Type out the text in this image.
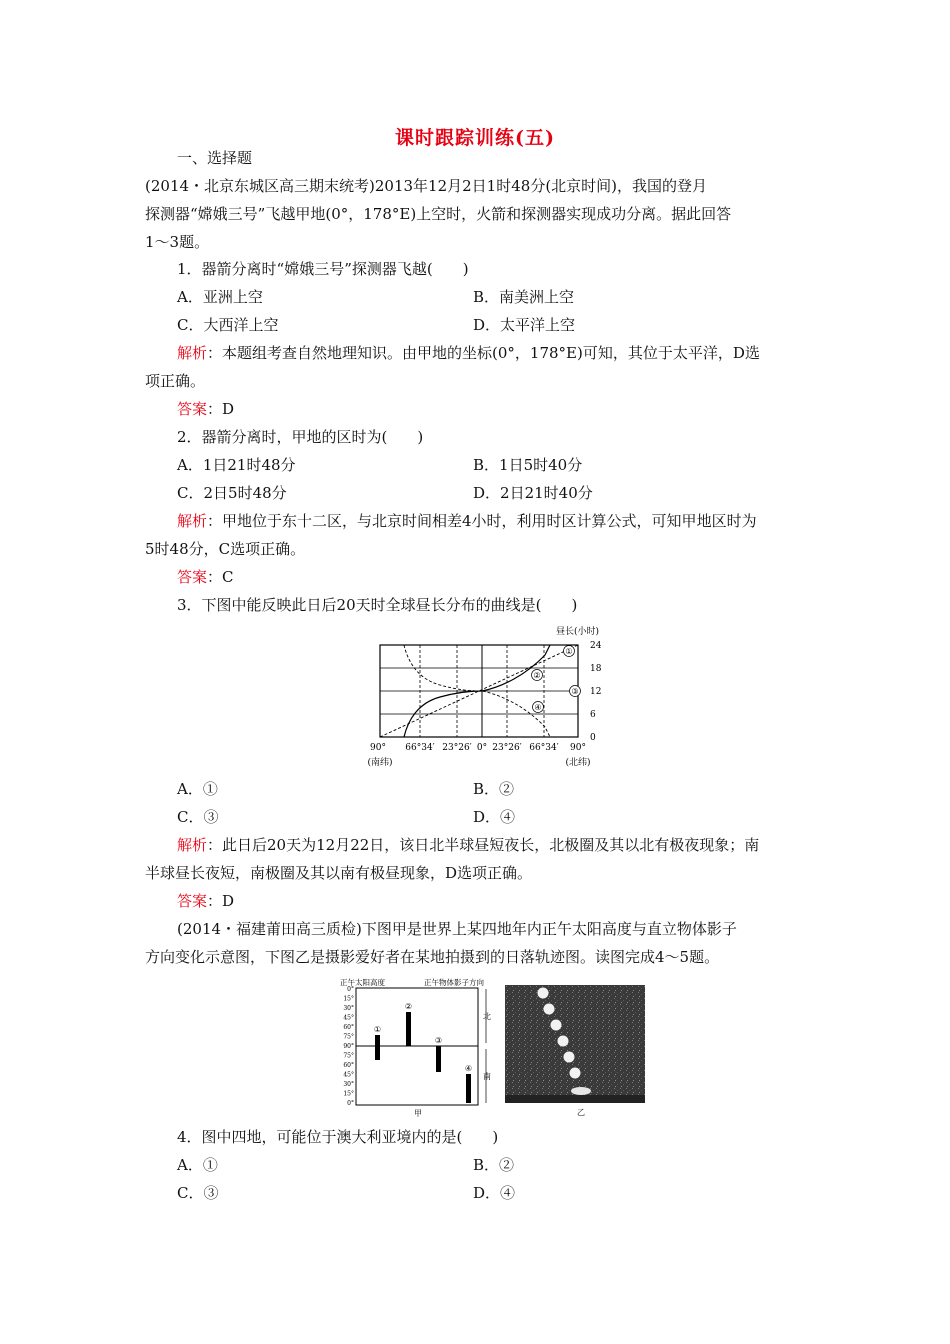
课时跟踪训练(五)
一、选择题
(2014・北京东城区高三期末统考)2013年12月2日1时48分(北京时间)，我国的登月
探测器“嫦娥三号”飞越甲地(0°，178°E)上空时，火箭和探测器实现成功分离。据此回答
1～3题。
1．器箭分离时“嫦娥三号”探测器飞越(　　)
A．亚洲上空	B．南美洲上空
C．大西洋上空	D．太平洋上空
解析：本题组考查自然地理知识。由甲地的坐标(0°，178°E)可知，其位于太平洋，D选
项正确。
答案：D
2．器箭分离时，甲地的区时为(　　)
A．1日21时48分	B．1日5时40分
C．2日5时48分	D．2日21时40分
解析：甲地位于东十二区，与北京时间相差4小时，利用时区计算公式，可知甲地区时为
5时48分，C选项正确。
答案：C
3．下图中能反映此日后20天时全球昼长分布的曲线是(　　)
昼长(小时)
①
②
③
④
24
18
12
6
0
90° 66°34′ 23°26′ 0° 23°26′ 66°34′ 90°
(南纬)	(北纬)
A．①	B．②
C．③	D．④
解析：此日后20天为12月22日，该日北半球昼短夜长，北极圈及其以北有极夜现象；南
半球昼长夜短，南极圈及其以南有极昼现象，D选项正确。
答案：D
(2014・福建莆田高三质检)下图甲是世界上某四地年内正午太阳高度与直立物体影子
方向变化示意图，下图乙是摄影爱好者在某地拍摄到的日落轨迹图。读图完成4～5题。
正午太阳高度	正午物体影子方向
0°
15°
30°
45°
60°
75°
90°
75°
60°
45°
30°
15°
0°
北
南
①
②
③
④
甲	乙
4．图中四地，可能位于澳大利亚境内的是(　　)
A．①	B．②
C．③	D．④
